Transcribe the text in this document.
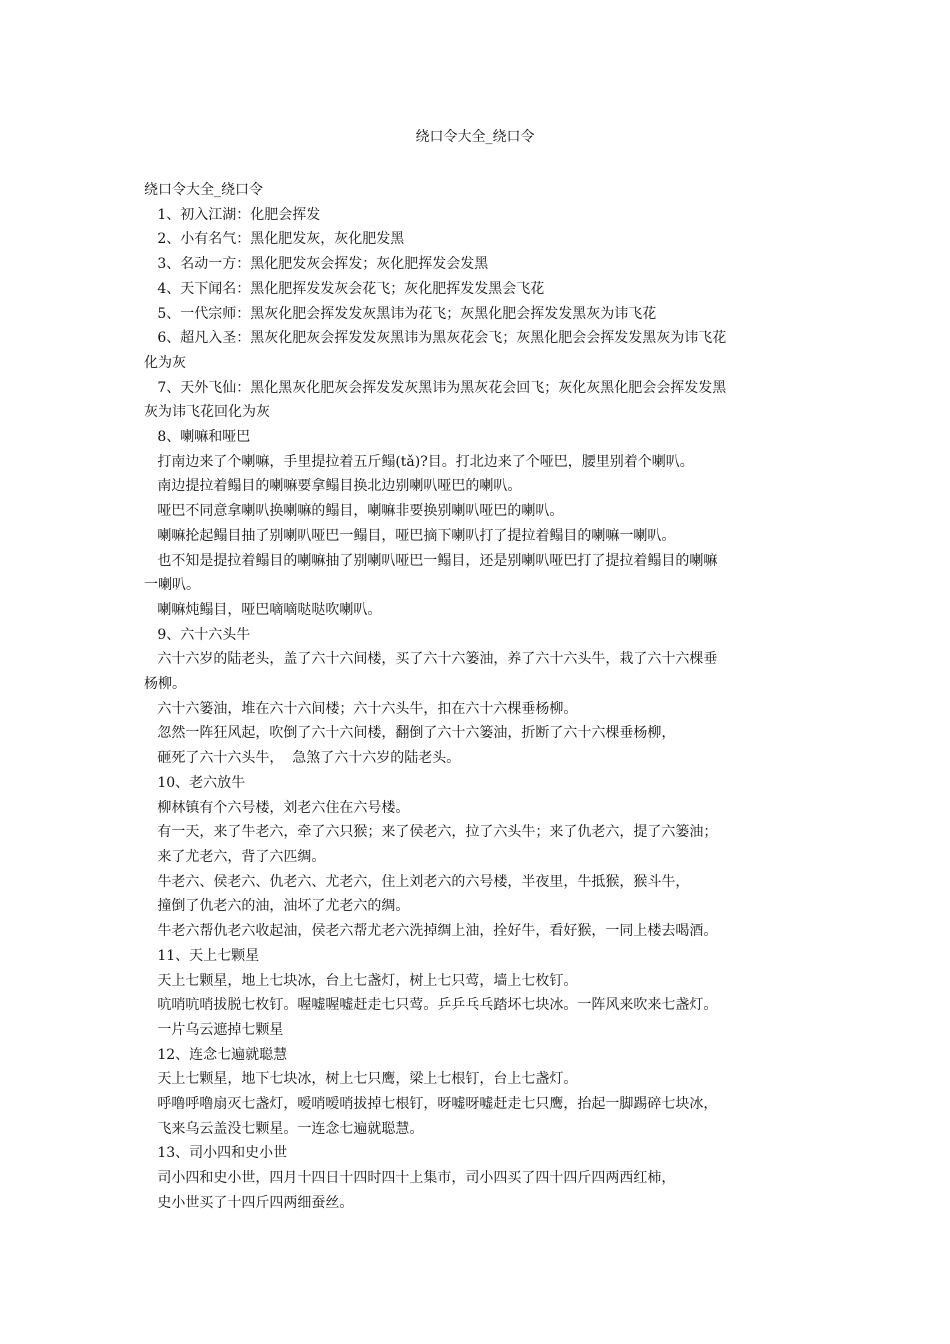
绕口令大全_绕口令
绕口令大全_绕口令
1、初入江湖：化肥会挥发
2、小有名气：黑化肥发灰，灰化肥发黑
3、名动一方：黑化肥发灰会挥发；灰化肥挥发会发黑
4、天下闻名：黑化肥挥发发灰会花飞；灰化肥挥发发黑会飞花
5、一代宗师：黑灰化肥会挥发发灰黑讳为花飞；灰黑化肥会挥发发黑灰为讳飞花
6、超凡入圣：黑灰化肥灰会挥发发灰黑讳为黑灰花会飞；灰黑化肥会会挥发发黑灰为讳飞花
化为灰
7、天外飞仙：黑化黑灰化肥灰会挥发发灰黑讳为黑灰花会回飞；灰化灰黑化肥会会挥发发黑
灰为讳飞花回化为灰
8、喇嘛和哑巴
打南边来了个喇嘛，手里提拉着五斤鳎(tǎ)?目。打北边来了个哑巴，腰里别着个喇叭。
南边提拉着鳎目的喇嘛要拿鳎目换北边别喇叭哑巴的喇叭。
哑巴不同意拿喇叭换喇嘛的鳎目，喇嘛非要换别喇叭哑巴的喇叭。
喇嘛抡起鳎目抽了别喇叭哑巴一鳎目，哑巴摘下喇叭打了提拉着鳎目的喇嘛一喇叭。
也不知是提拉着鳎目的喇嘛抽了别喇叭哑巴一鳎目，还是别喇叭哑巴打了提拉着鳎目的喇嘛
一喇叭。
喇嘛炖鳎目，哑巴嘀嘀哒哒吹喇叭。
9、六十六头牛
六十六岁的陆老头，盖了六十六间楼，买了六十六篓油，养了六十六头牛，栽了六十六棵垂
杨柳。
六十六篓油，堆在六十六间楼；六十六头牛，扣在六十六棵垂杨柳。
忽然一阵狂风起，吹倒了六十六间楼，翻倒了六十六篓油，折断了六十六棵垂杨柳，
砸死了六十六头牛，  急煞了六十六岁的陆老头。
10、老六放牛
柳林镇有个六号楼，刘老六住在六号楼。
有一天，来了牛老六，牵了六只猴；来了侯老六，拉了六头牛；来了仇老六，提了六篓油；
来了尤老六，背了六匹绸。
牛老六、侯老六、仇老六、尤老六，住上刘老六的六号楼，半夜里，牛抵猴，猴斗牛，
撞倒了仇老六的油，油坏了尤老六的绸。
牛老六帮仇老六收起油，侯老六帮尤老六洗掉绸上油，拴好牛，看好猴，一同上楼去喝酒。
11、天上七颗星
天上七颗星，地上七块冰，台上七盏灯，树上七只莺，墙上七枚钉。
吭哨吭哨拔脱七枚钉。喔嘘喔嘘赶走七只莺。乒乒乓乓踏坏七块冰。一阵风来吹来七盏灯。
一片乌云遮掉七颗星
12、连念七遍就聪慧
天上七颗星，地下七块冰，树上七只鹰，梁上七根钉，台上七盏灯。
呼噜呼噜扇灭七盏灯，嗳哨嗳哨拔掉七根钉，呀嘘呀嘘赶走七只鹰，抬起一脚踢碎七块冰，
飞来乌云盖没七颗星。一连念七遍就聪慧。
13、司小四和史小世
司小四和史小世，四月十四日十四时四十上集市，司小四买了四十四斤四两西红柿，
史小世买了十四斤四两细蚕丝。
